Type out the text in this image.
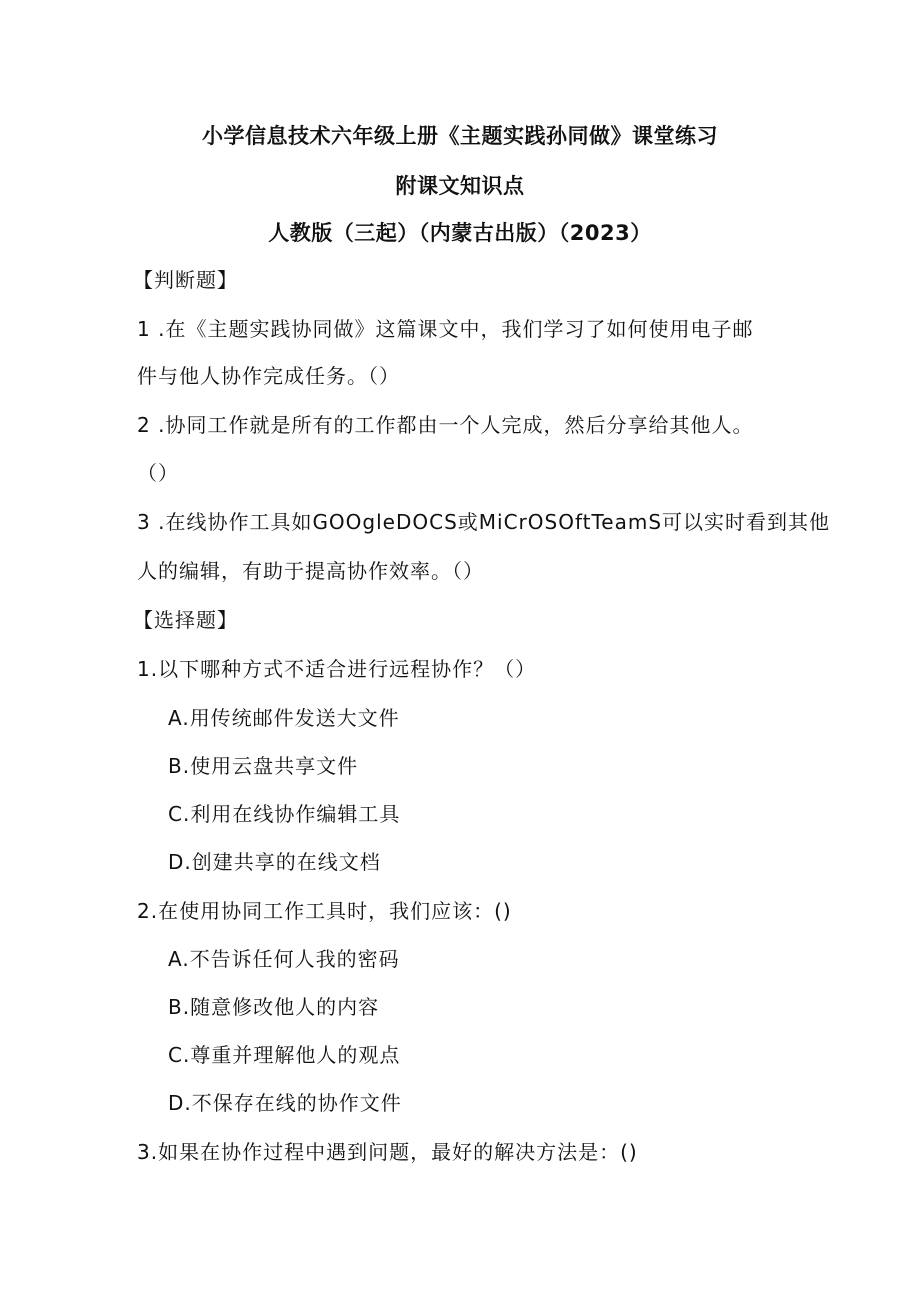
小学信息技术六年级上册《主题实践孙同做》课堂练习
附课文知识点
人教版（三起）（内蒙古出版）（2023）
【判断题】
1 .在《主题实践协同做》这篇课文中，我们学习了如何使用电子邮
件与他人协作完成任务。（）
2 .协同工作就是所有的工作都由一个人完成，然后分享给其他人。
（）
3 .在线协作工具如GOOgleDOCS或MiCrOSOftTeamS可以实时看到其他
人的编辑，有助于提高协作效率。（）
【选择题】
1.以下哪种方式不适合进行远程协作？（）
A.用传统邮件发送大文件
B.使用云盘共享文件
C.利用在线协作编辑工具
D.创建共享的在线文档
2.在使用协同工作工具时，我们应该：()
A.不告诉任何人我的密码
B.随意修改他人的内容
C.尊重并理解他人的观点
D.不保存在线的协作文件
3.如果在协作过程中遇到问题，最好的解决方法是：()
